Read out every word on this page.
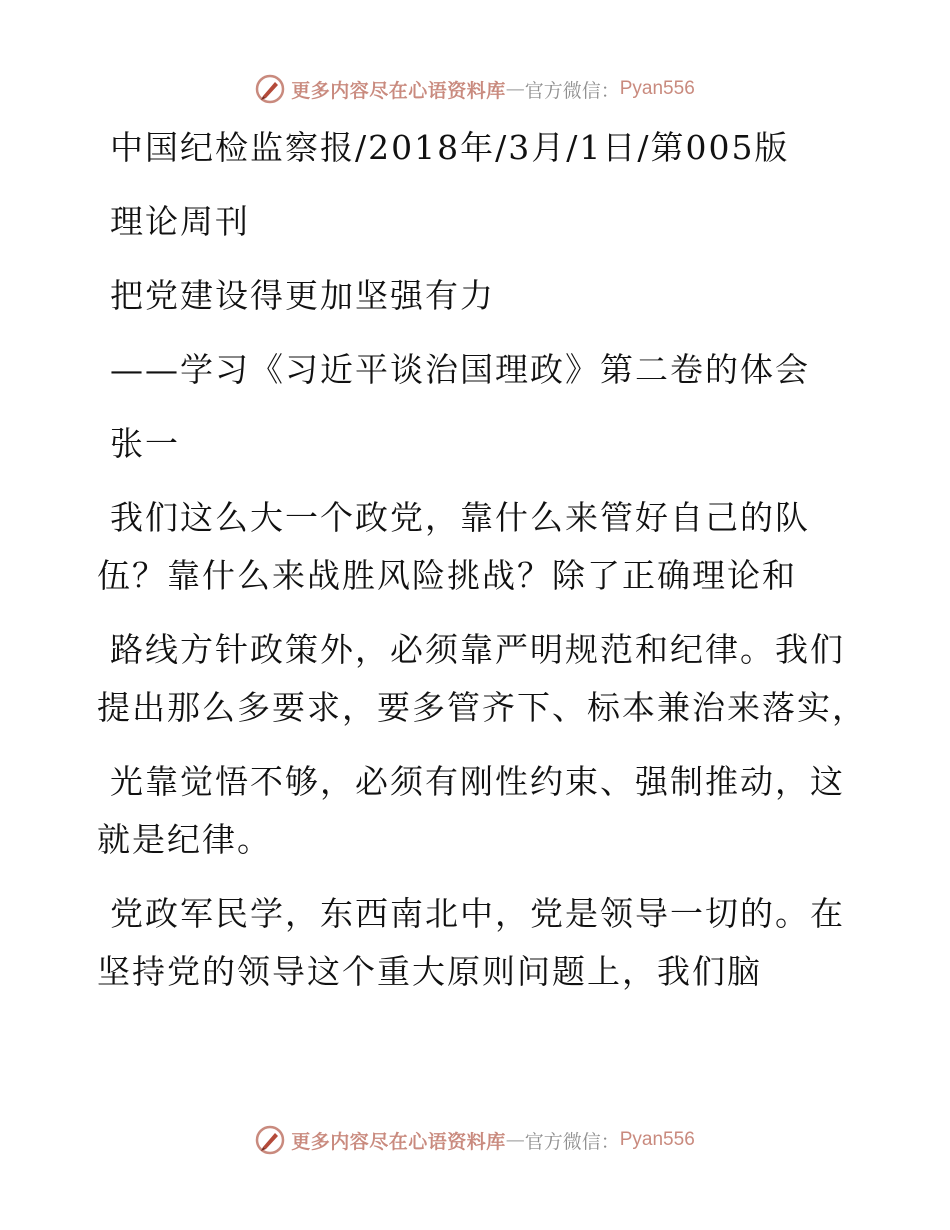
更多内容尽在心语资料库 — 官方微信： Pyan556

中国纪检监察报/2018年/3月/1日/第005版

理论周刊

把党建设得更加坚强有力

——学习《习近平谈治国理政》第二卷的体会

张一

我们这么大一个政党，靠什么来管好自己的队

伍？靠什么来战胜风险挑战？除了正确理论和

路线方针政策外，必须靠严明规范和纪律。我们

提出那么多要求，要多管齐下、标本兼治来落实，

光靠觉悟不够，必须有刚性约束、强制推动，这

就是纪律。

党政军民学，东西南北中，党是领导一切的。在

坚持党的领导这个重大原则问题上，我们脑

更多内容尽在心语资料库 — 官方微信： Pyan556
